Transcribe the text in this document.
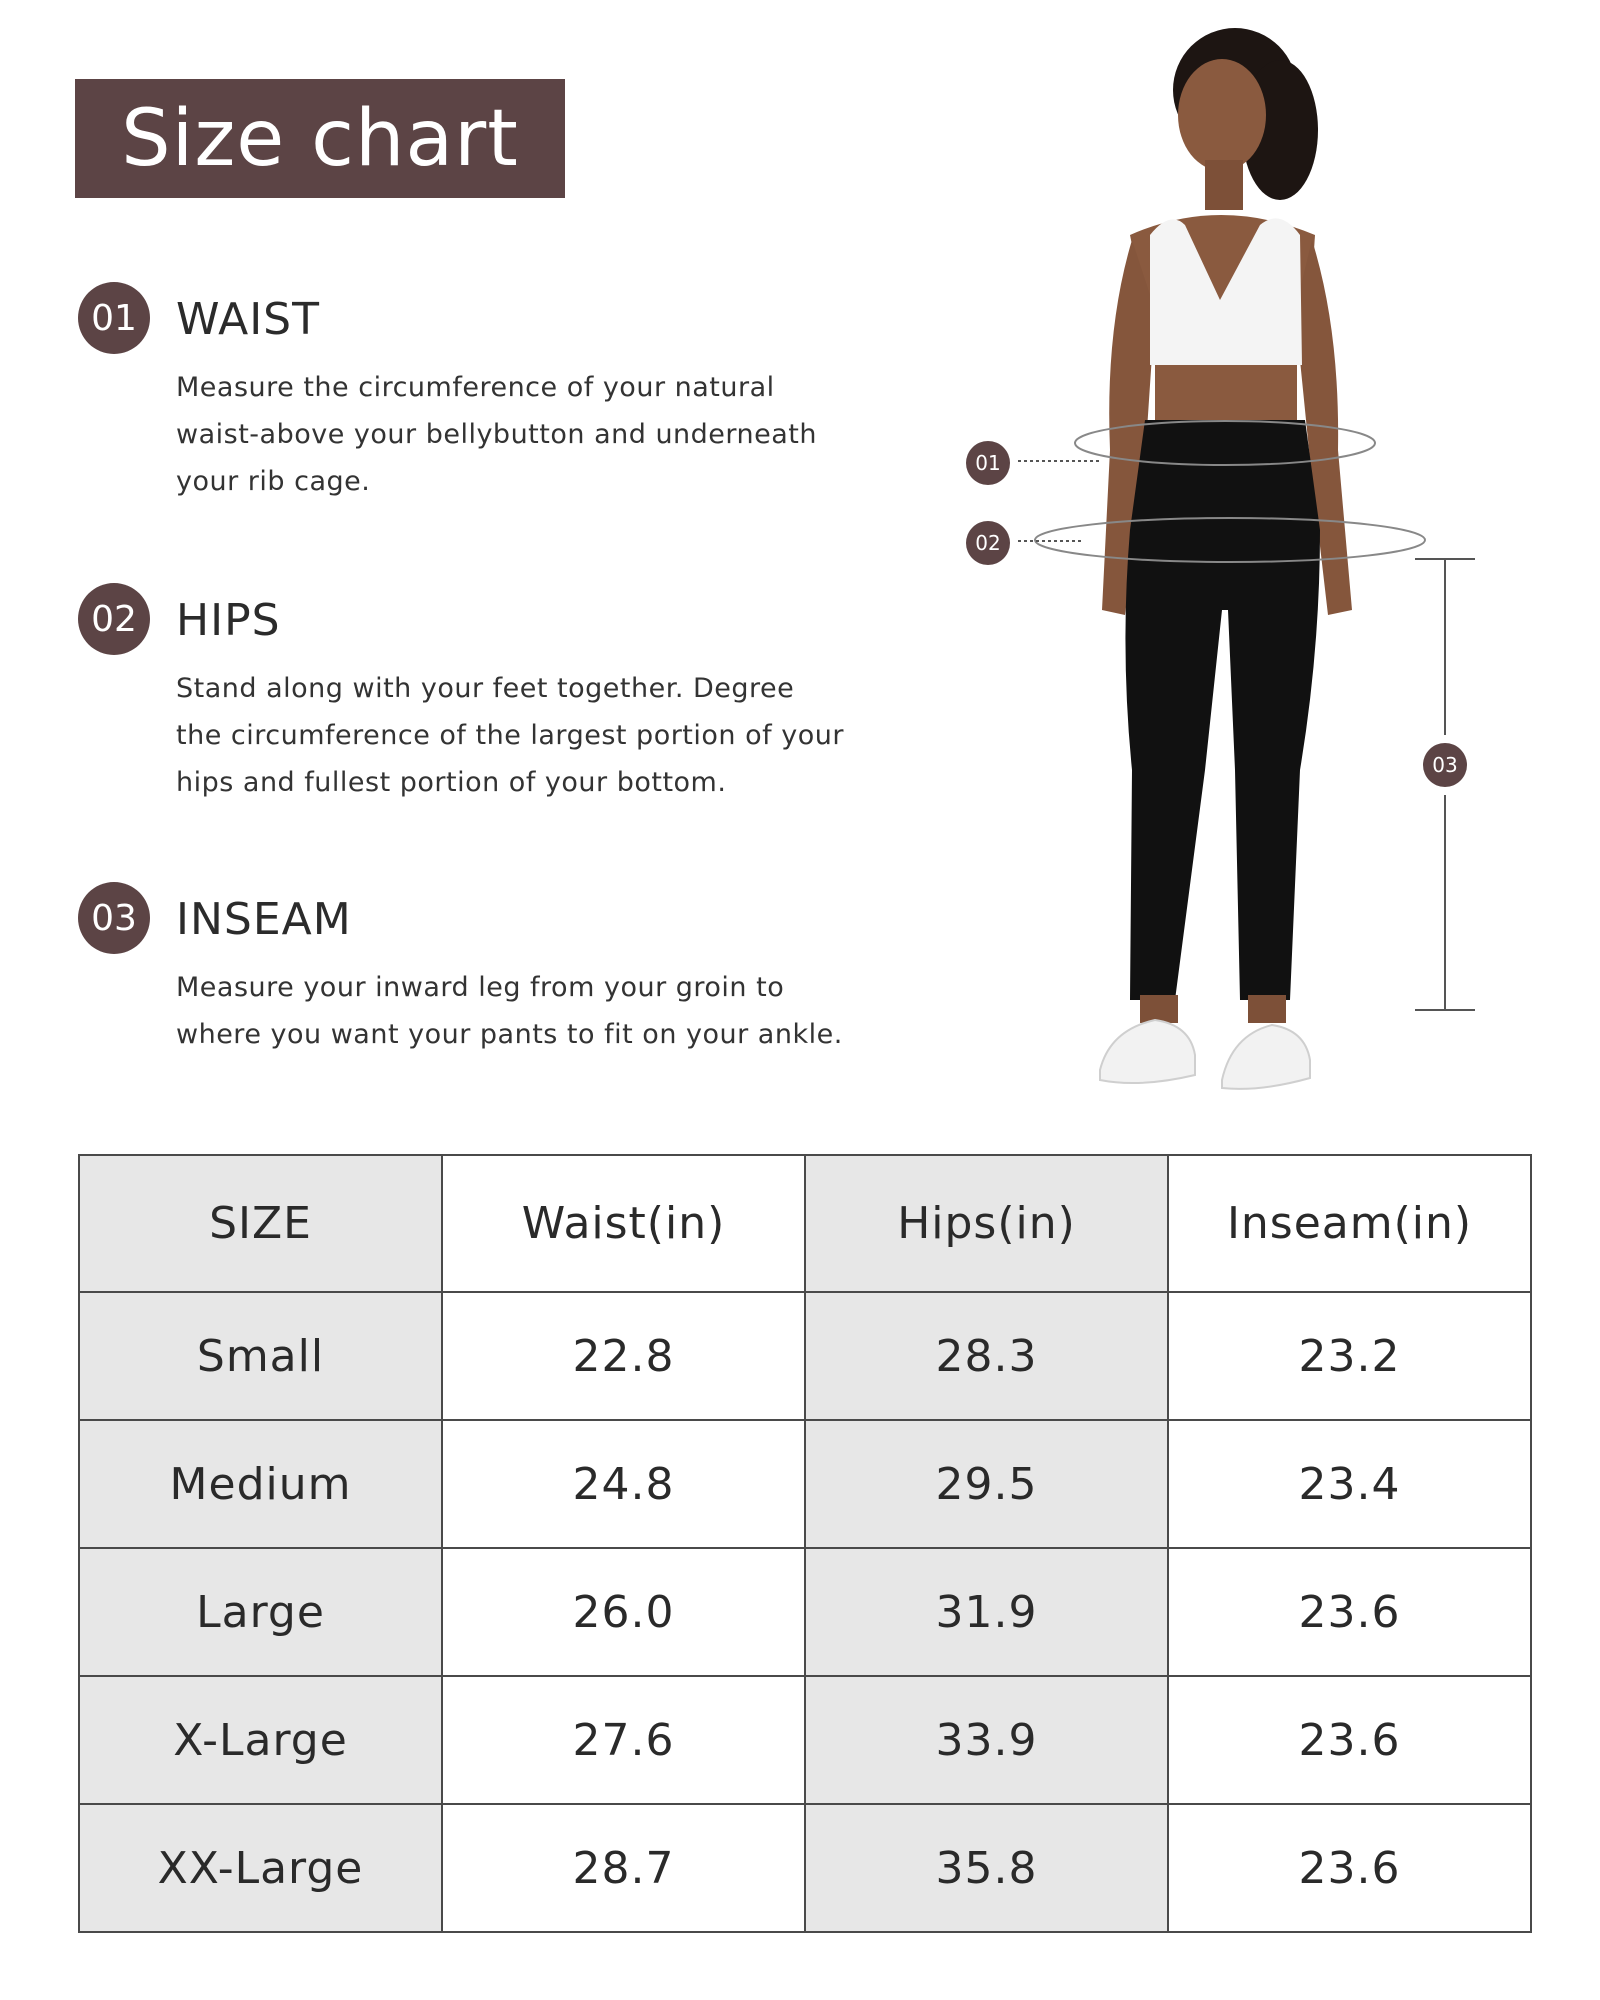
Size chart
01 WAIST
Measure the circumference of your natural
waist-above your bellybutton and underneath
your rib cage.
02 HIPS
Stand along with your feet together. Degree
the circumference of the largest portion of your
hips and fullest portion of your bottom.
03 INSEAM
Measure your inward leg from your groin to
where you want your pants to fit on your ankle.
01
02
03
SIZE	Waist(in)	Hips(in)	Inseam(in)
Small	22.8	28.3	23.2
Medium	24.8	29.5	23.4
Large	26.0	31.9	23.6
X-Large	27.6	33.9	23.6
XX-Large	28.7	35.8	23.6
